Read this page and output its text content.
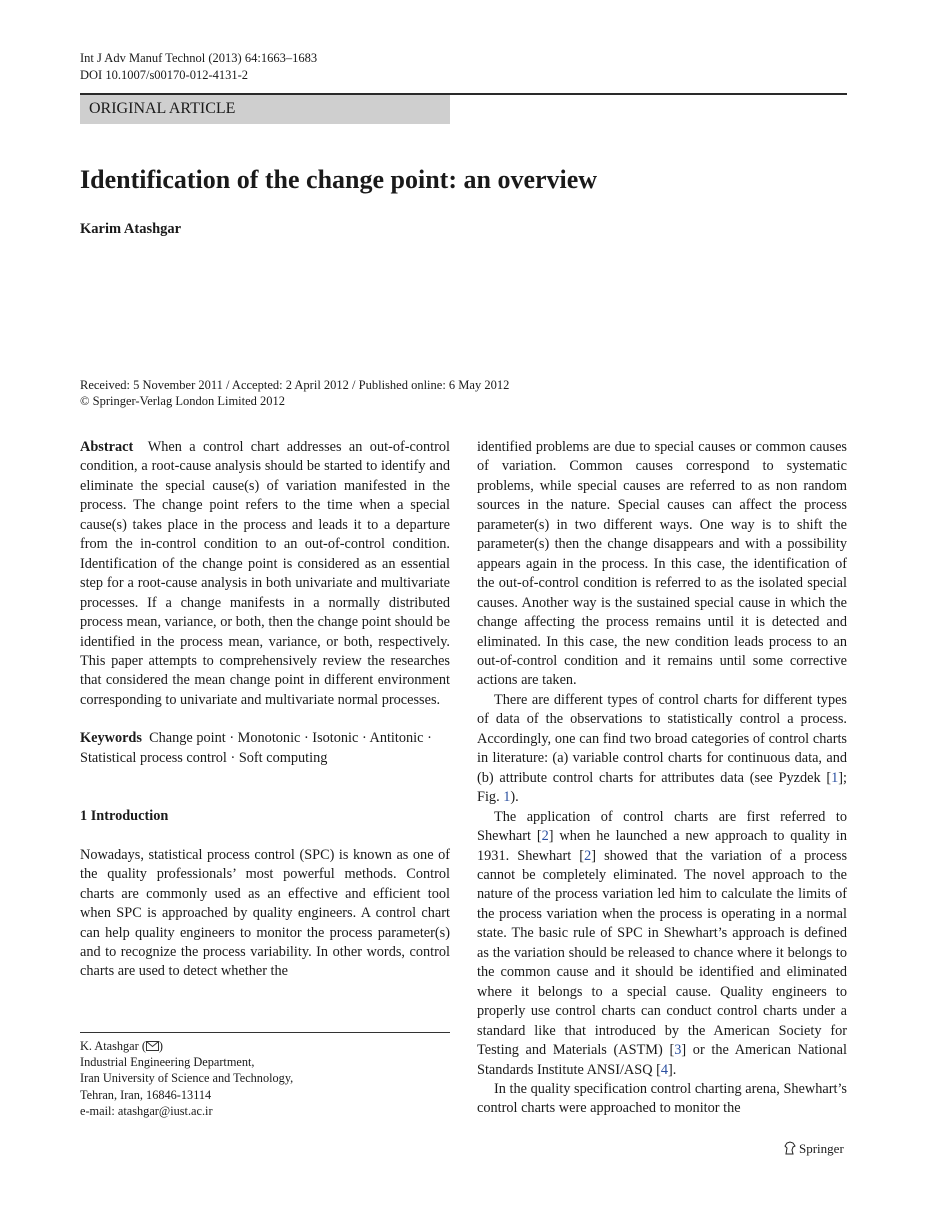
Int J Adv Manuf Technol (2013) 64:1663–1683
DOI 10.1007/s00170-012-4131-2
ORIGINAL ARTICLE
Identification of the change point: an overview
Karim Atashgar
Received: 5 November 2011 / Accepted: 2 April 2012 / Published online: 6 May 2012
© Springer-Verlag London Limited 2012

Abstract When a control chart addresses an out-of-control condition, a root-cause analysis should be started to identify and eliminate the special cause(s) of variation manifested in the process. The change point refers to the time when a special cause(s) takes place in the process and leads it to a departure from the in-control condition to an out-of-control condition. Identification of the change point is considered as an essential step for a root-cause analysis in both univariate and multivariate processes. If a change manifests in a normally distributed process mean, variance, or both, then the change point should be identified in the process mean, variance, or both, respectively. This paper attempts to comprehensively review the researches that considered the mean change point in different environment corresponding to univariate and multivariate normal processes.

Keywords Change point · Monotonic · Isotonic · Antitonic · Statistical process control · Soft computing

1 Introduction

Nowadays, statistical process control (SPC) is known as one of the quality professionals’ most powerful methods. Control charts are commonly used as an effective and efficient tool when SPC is approached by quality engineers. A control chart can help quality engineers to monitor the process parameter(s) and to recognize the process variability. In other words, control charts are used to detect whether the

K. Atashgar ( )
Industrial Engineering Department,
Iran University of Science and Technology,
Tehran, Iran, 16846-13114
e-mail: atashgar@iust.ac.ir

identified problems are due to special causes or common causes of variation. Common causes correspond to systematic problems, while special causes are referred to as non random sources in the nature. Special causes can affect the process parameter(s) in two different ways. One way is to shift the parameter(s) then the change disappears and with a possibility appears again in the process. In this case, the identification of the out-of-control condition is referred to as the isolated special causes. Another way is the sustained special cause in which the change affecting the process remains until it is detected and eliminated. In this case, the new condition leads process to an out-of-control condition and it remains until some corrective actions are taken.

There are different types of control charts for different types of data of the observations to statistically control a process. Accordingly, one can find two broad categories of control charts in literature: (a) variable control charts for continuous data, and (b) attribute control charts for attributes data (see Pyzdek [1]; Fig. 1).

The application of control charts are first referred to Shewhart [2] when he launched a new approach to quality in 1931. Shewhart [2] showed that the variation of a process cannot be completely eliminated. The novel approach to the nature of the process variation led him to calculate the limits of the process variation when the process is operating in a normal state. The basic rule of SPC in Shewhart’s approach is defined as the variation should be released to chance where it belongs to the common cause and it should be identified and eliminated where it belongs to a special cause. Quality engineers to properly use control charts can conduct control charts under a standard like that introduced by the American Society for Testing and Materials (ASTM) [3] or the American National Standards Institute ANSI/ASQ [4].

In the quality specification control charting arena, Shewhart’s control charts were approached to monitor the

Springer
